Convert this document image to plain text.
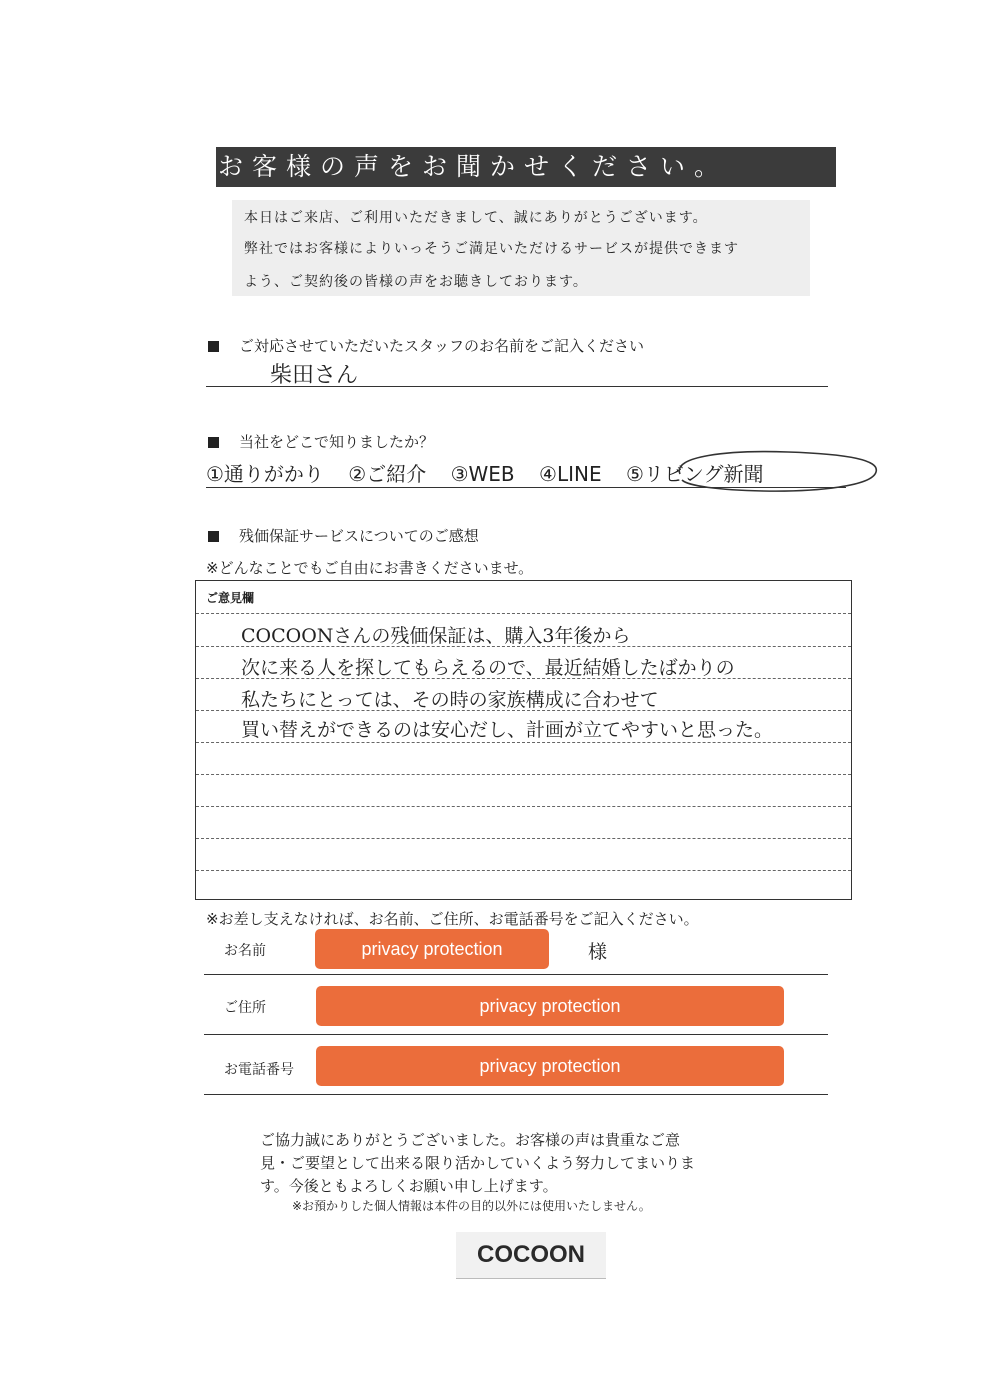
お客様の声をお聞かせください。
本日はご来店、ご利用いただきまして、誠にありがとうございます。
弊社ではお客様によりいっそうご満足いただけるサービスが提供できます
よう、ご契約後の皆様の声をお聴きしております。
ご対応させていただいたスタッフのお名前をご記入ください
柴田さん
当社をどこで知りましたか？
①通りがかり ②ご紹介 ③WEB ④LINE ⑤リビング新聞
残価保証サービスについてのご感想
※どんなことでもご自由にお書きくださいませ。
ご意見欄
COCOONさんの残価保証は、購入3年後から
次に来る人を探してもらえるので、最近結婚したばかりの
私たちにとっては、その時の家族構成に合わせて
買い替えができるのは安心だし、計画が立てやすいと思った。
※お差し支えなければ、お名前、ご住所、お電話番号をご記入ください。
お名前	privacy protection	様
ご住所	privacy protection
お電話番号	privacy protection
ご協力誠にありがとうございました。お客様の声は貴重なご意
見・ご要望として出来る限り活かしていくよう努力してまいりま
す。今後ともよろしくお願い申し上げます。
※お預かりした個人情報は本件の目的以外には使用いたしません。
COCOON
